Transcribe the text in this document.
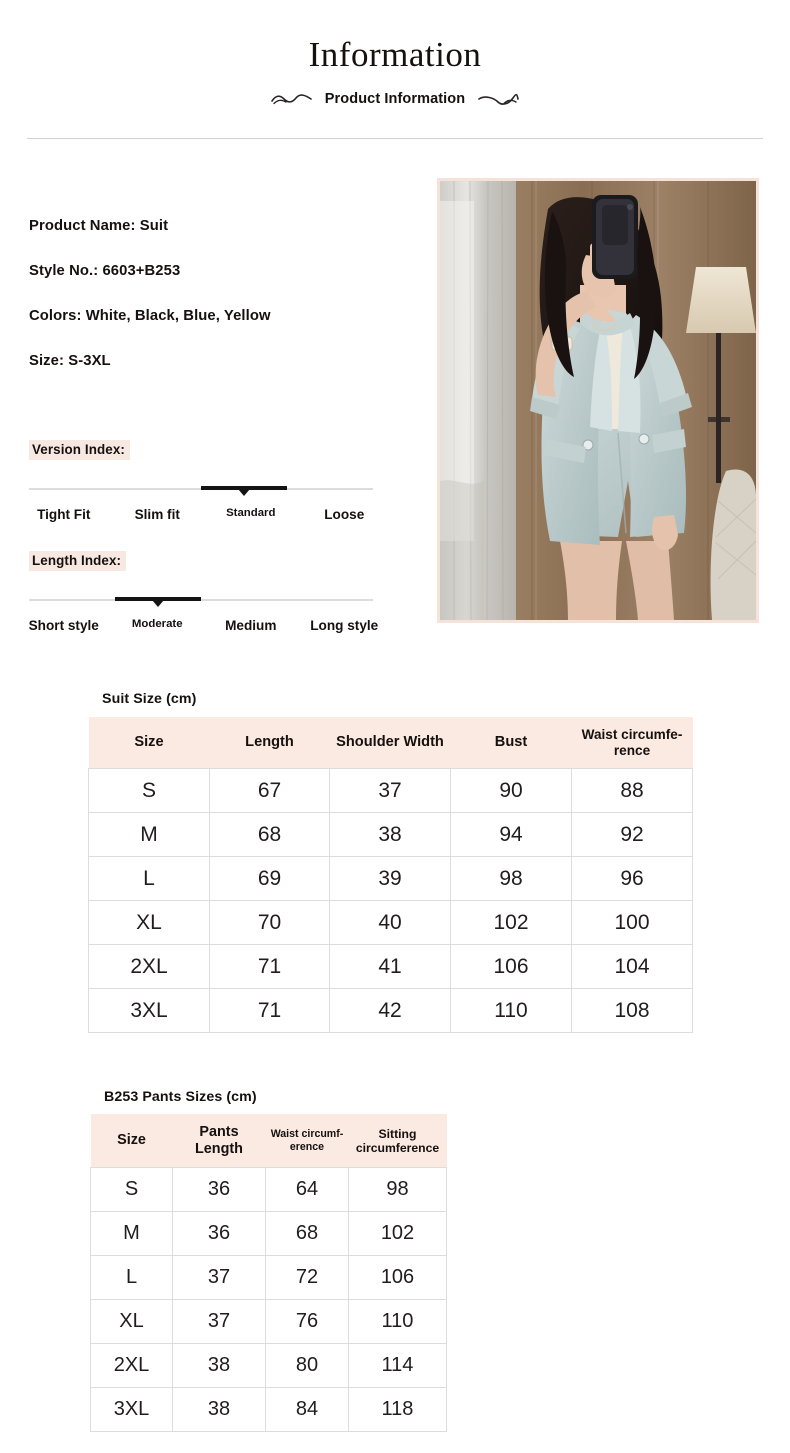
Information
Product Information
Product Name: Suit
Style No.: 6603+B253
Colors: White, Black, Blue, Yellow
Size: S-3XL
Version Index:
Tight Fit	Slim fit	Standard	Loose
Length Index:
Short style	Moderate	Medium	Long style
Suit Size (cm)
Size	Length	Shoulder Width	Bust	Waist circumfe-rence
S	67	37	90	88
M	68	38	94	92
L	69	39	98	96
XL	70	40	102	100
2XL	71	41	106	104
3XL	71	42	110	108
B253 Pants Sizes (cm)
Size	Pants Length	Waist circumf-erence	Sitting circumference
S	36	64	98
M	36	68	102
L	37	72	106
XL	37	76	110
2XL	38	80	114
3XL	38	84	118
